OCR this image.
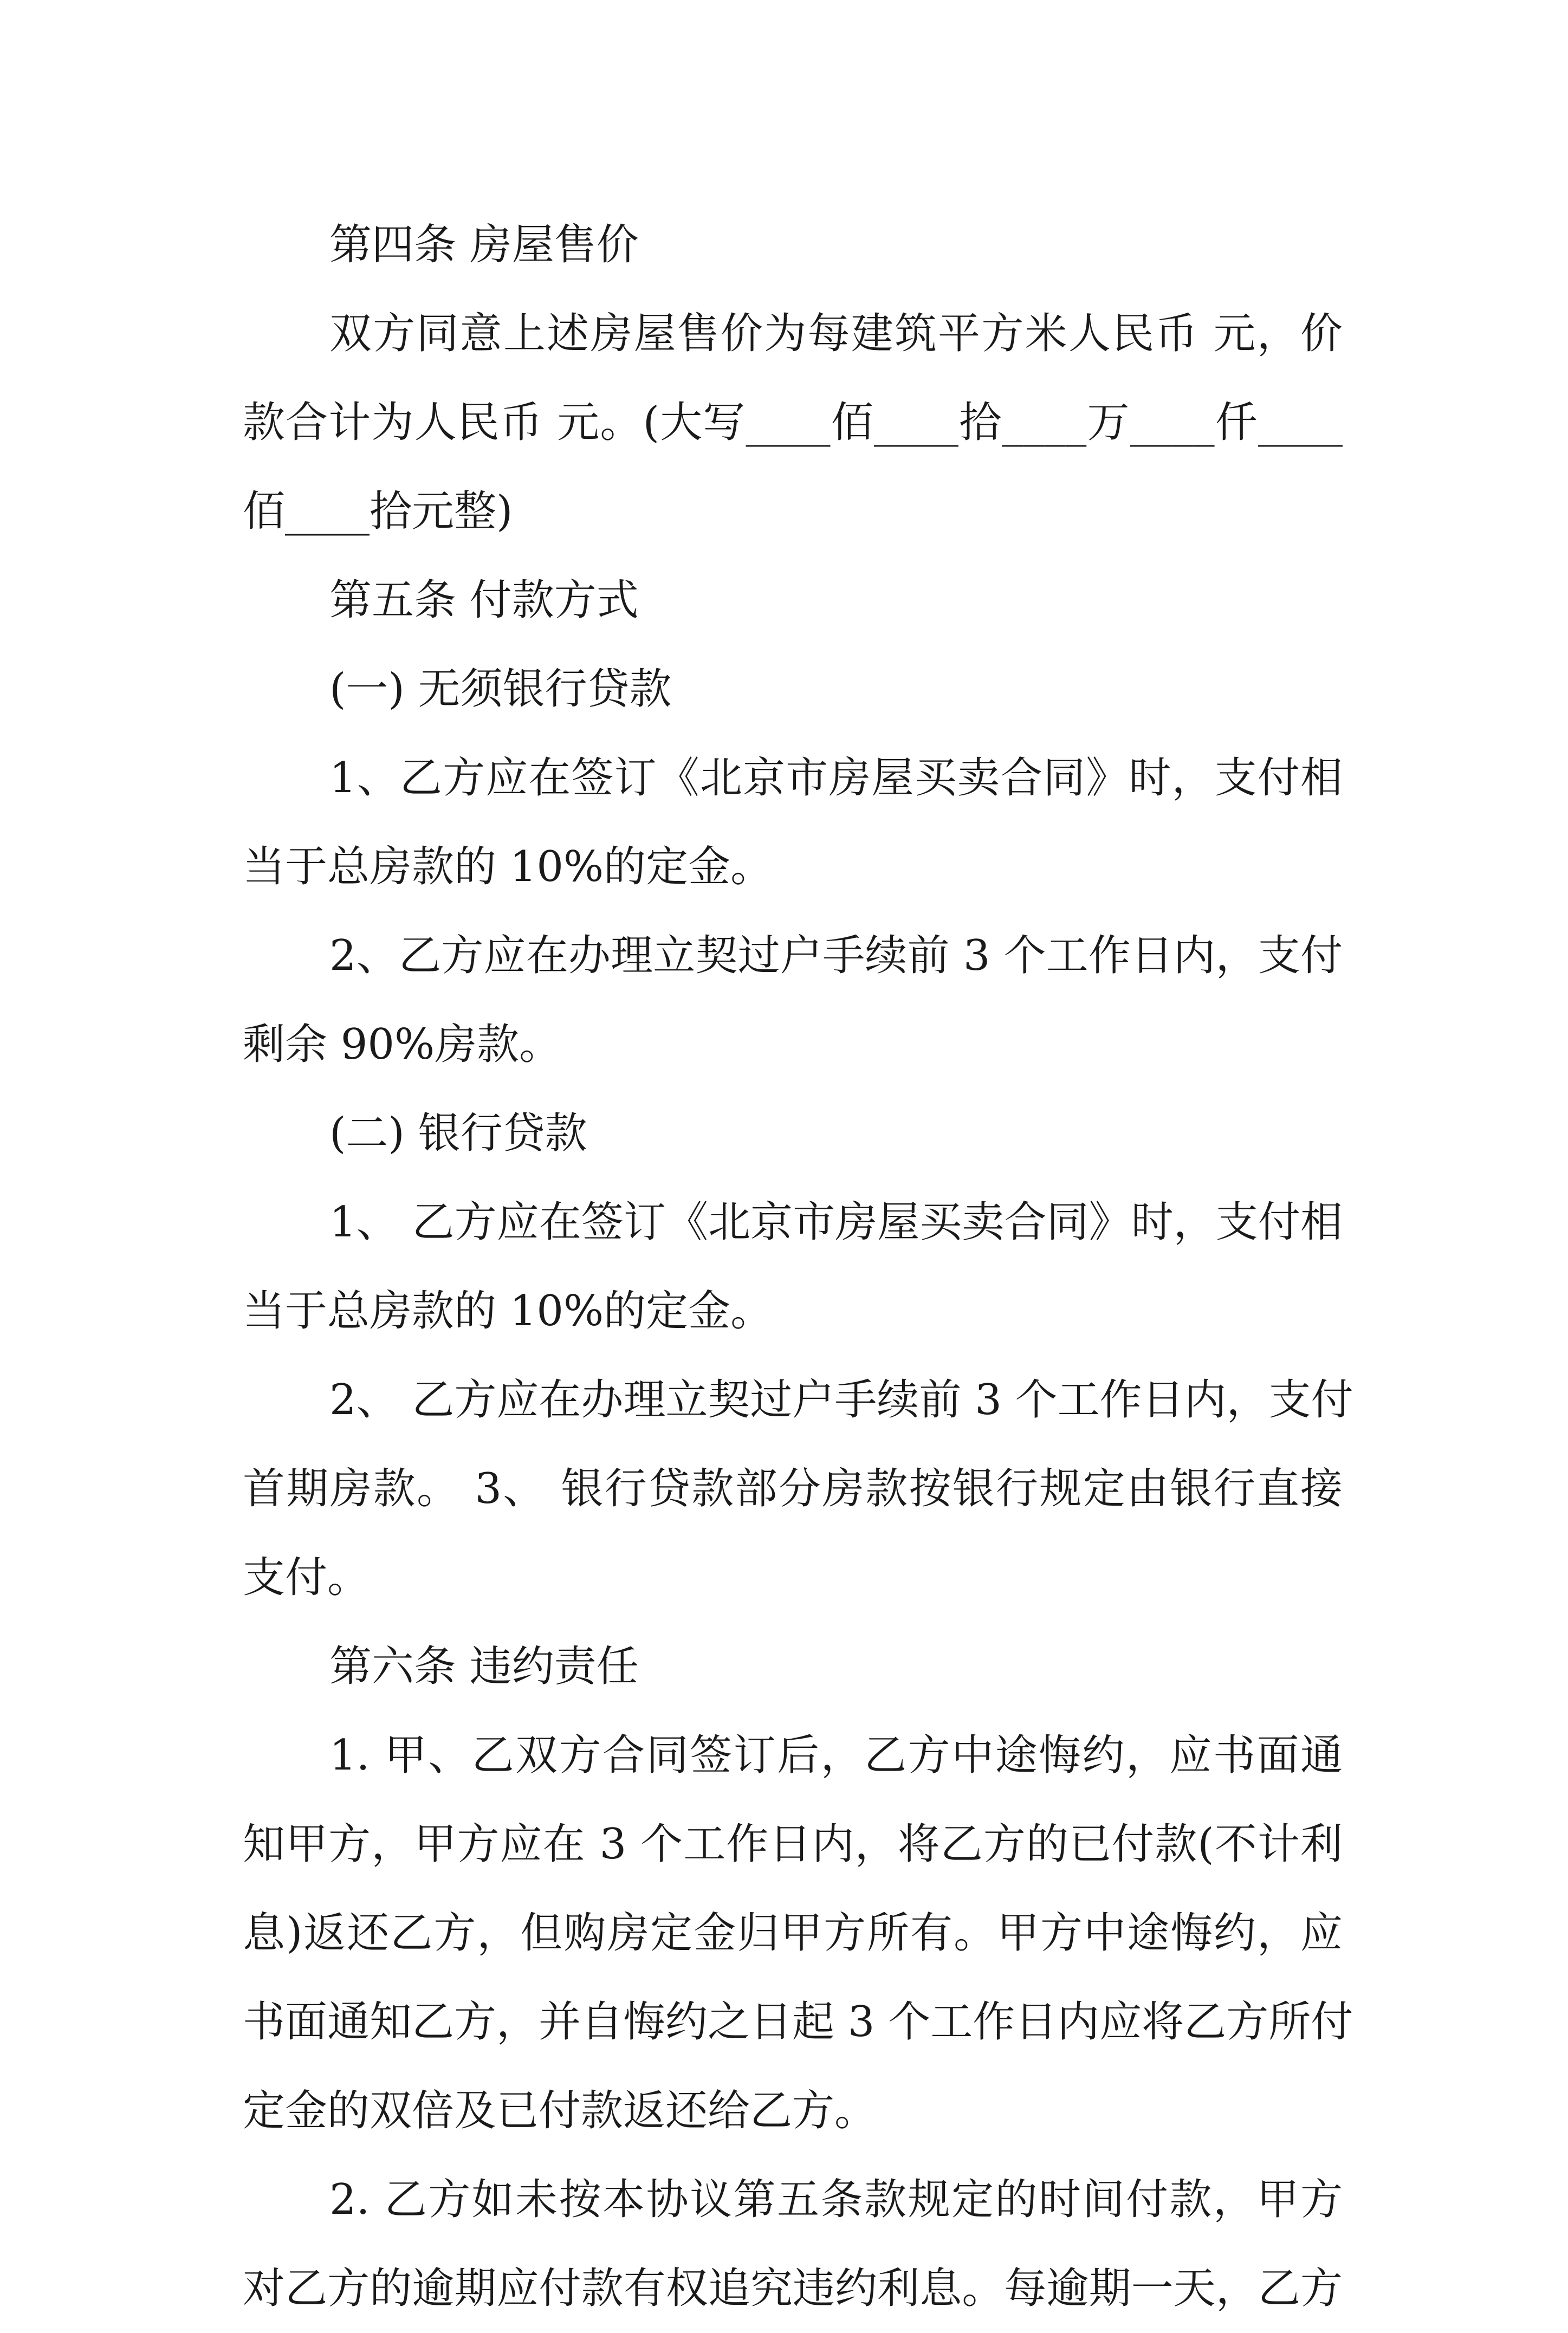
第四条 房屋售价
双方同意上述房屋售价为每建筑平方米人民币 元，价
款合计为人民币 元。(大写____佰____拾____万____仟____
佰____拾元整)
第五条 付款方式
(一) 无须银行贷款
1、乙方应在签订《北京市房屋买卖合同》时，支付相
当于总房款的 10%的定金。
2、乙方应在办理立契过户手续前 3 个工作日内，支付
剩余 90%房款。
(二) 银行贷款
1、 乙方应在签订《北京市房屋买卖合同》时，支付相
当于总房款的 10%的定金。
2、 乙方应在办理立契过户手续前 3 个工作日内，支付
首期房款。 3、 银行贷款部分房款按银行规定由银行直接
支付。
第六条 违约责任
1. 甲、乙双方合同签订后，乙方中途悔约，应书面通
知甲方，甲方应在 3 个工作日内，将乙方的已付款(不计利
息)返还乙方，但购房定金归甲方所有。甲方中途悔约，应
书面通知乙方，并自悔约之日起 3 个工作日内应将乙方所付
定金的双倍及已付款返还给乙方。
2. 乙方如未按本协议第五条款规定的时间付款，甲方
对乙方的逾期应付款有权追究违约利息。每逾期一天，乙方
